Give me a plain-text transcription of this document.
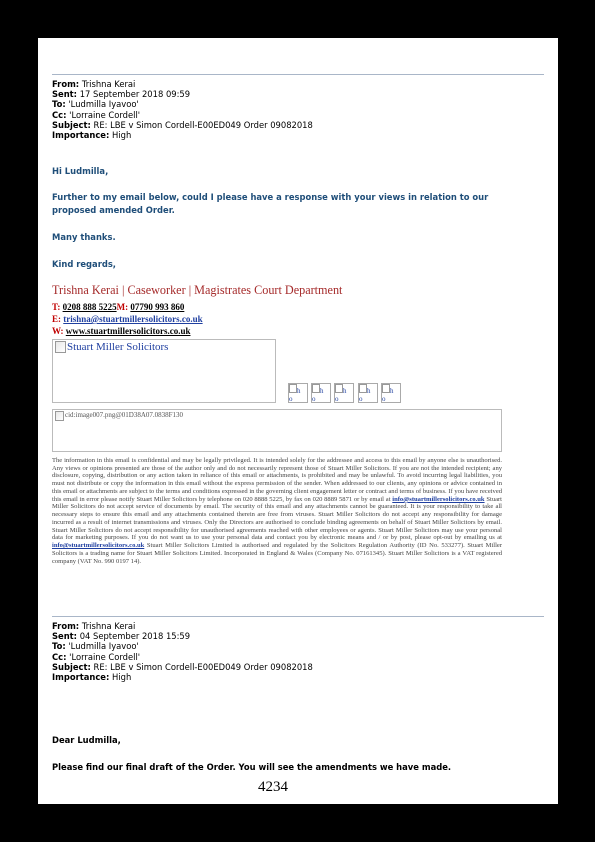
From: Trishna Kerai
Sent: 17 September 2018 09:59
To: 'Ludmilla Iyavoo'
Cc: 'Lorraine Cordell'
Subject: RE: LBE v Simon Cordell-E00ED049 Order 09082018
Importance: High
Hi Ludmilla,
Further to my email below, could I please have a response with your views in relation to our proposed amended Order.
Many thanks.
Kind regards,
Trishna Kerai | Caseworker | Magistrates Court Department
T: 0208 888 5225M: 07790 993 860
E: trishna@stuartmillersolicitors.co.uk
W: www.stuartmillersolicitors.co.uk
Stuart Miller Solicitors
h
o
h
o
h
o
h
o
h
o
cid:image007.png@01D38A07.0838F130
The information in this email is confidential and may be legally privileged. It is intended solely for the addressee and access to this email by anyone else is unauthorised. Any views or opinions presented are those of the author only and do not necessarily represent those of Stuart Miller Solicitors. If you are not the intended recipient; any disclosure, copying, distribution or any action taken in reliance of this email or attachments, is prohibited and may be unlawful. To avoid incurring legal liabilities, you must not distribute or copy the information in this email without the express permission of the sender. When addressed to our clients, any opinions or advice contained in this email or attachments are subject to the terms and conditions expressed in the governing client engagement letter or contract and terms of business. If you have received this email in error please notify Stuart Miller Solicitors by telephone on 020 8888 5225, by fax on 020 8889 5871 or by email at info@stuartmillersolicitors.co.uk Stuart Miller Solicitors do not accept service of documents by email. The security of this email and any attachments cannot be guaranteed. It is your responsibility to take all necessary steps to ensure this email and any attachments contained therein are free from viruses. Stuart Miller Solicitors do not accept any responsibility for damage incurred as a result of internet transmissions and viruses. Only the Directors are authorised to conclude binding agreements on behalf of Stuart Miller Solicitors by email. Stuart Miller Solicitors do not accept responsibility for unauthorised agreements reached with other employees or agents. Stuart Miller Solicitors may use your personal data for marketing purposes. If you do not want us to use your personal data and contact you by electronic means and / or by post, please opt-out by emailing us at info@stuartmillersolicitors.co.uk Stuart Miller Solicitors Limited is authorised and regulated by the Solicitors Regulation Authority (ID No. 533277). Stuart Miller Solicitors is a trading name for Stuart Miller Solicitors Limited. Incorporated in England & Wales (Company No. 07161345). Stuart Miller Solicitors is a VAT registered company (VAT No. 990 0197 14).
From: Trishna Kerai
Sent: 04 September 2018 15:59
To: 'Ludmilla Iyavoo'
Cc: 'Lorraine Cordell'
Subject: RE: LBE v Simon Cordell-E00ED049 Order 09082018
Importance: High
Dear Ludmilla,
Please find our final draft of the Order. You will see the amendments we have made.
4234
